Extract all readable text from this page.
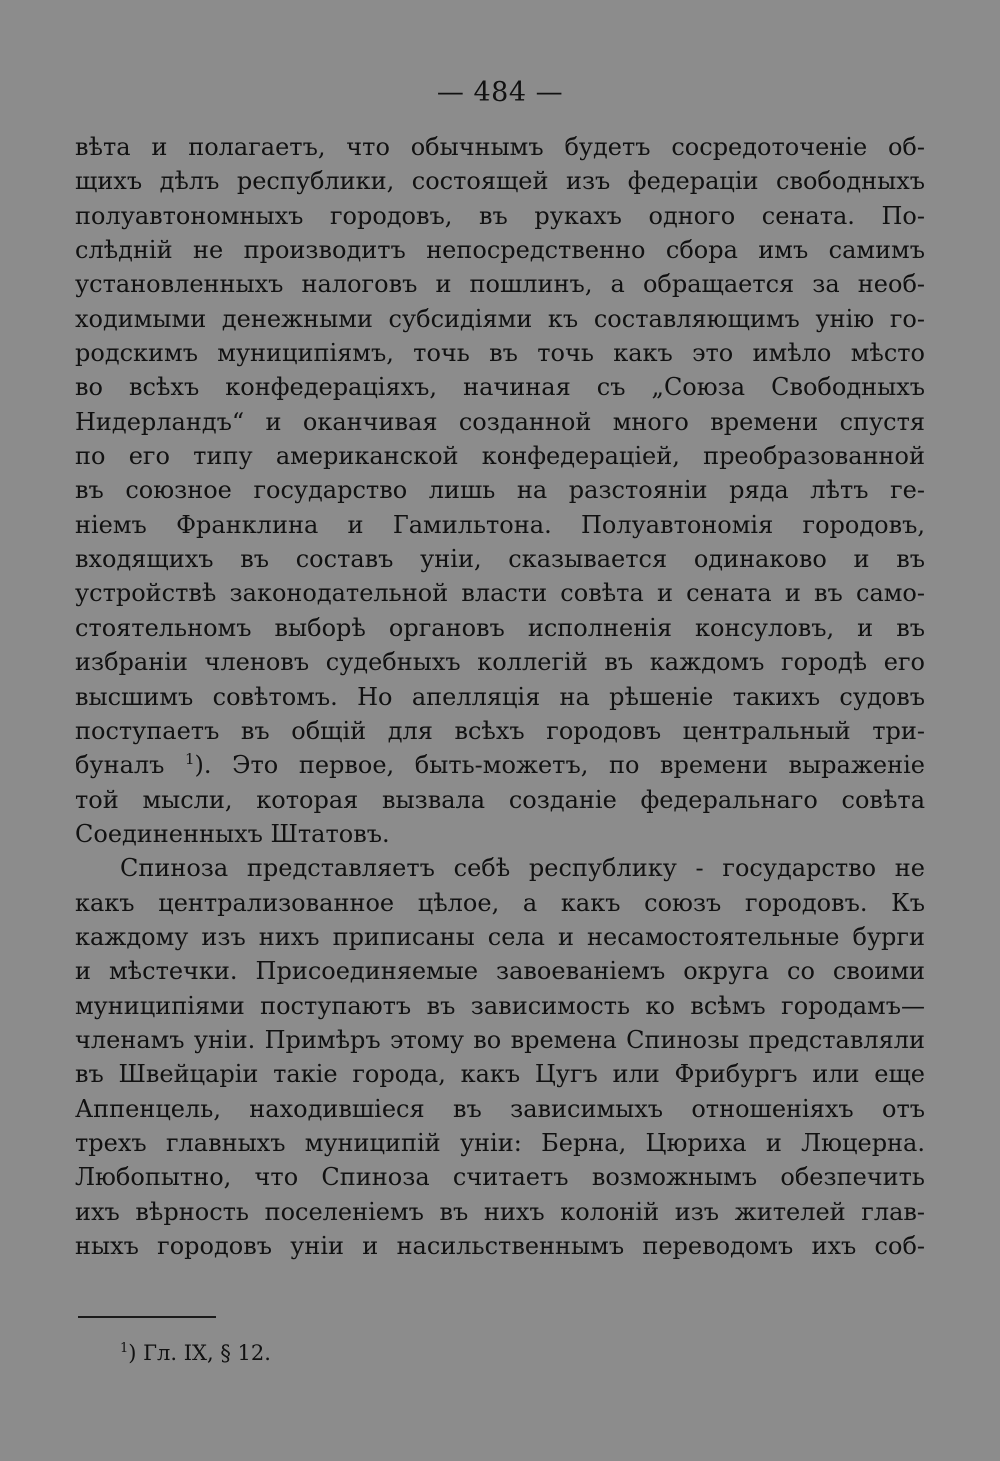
— 484 —
вѣта и полагаетъ, что обычнымъ будетъ сосредоточеніе об-
щихъ дѣлъ республики, состоящей изъ федераціи свободныхъ
полуавтономныхъ городовъ, въ рукахъ одного сената. По-
слѣдній не производитъ непосредственно сбора имъ самимъ
установленныхъ налоговъ и пошлинъ, а обращается за необ-
ходимыми денежными субсидіями къ составляющимъ унію го-
родскимъ муниципіямъ, точь въ точь какъ это имѣло мѣсто
во всѣхъ конфедераціяхъ, начиная съ „Союза Свободныхъ
Нидерландъ“ и оканчивая созданной много времени спустя
по его типу американской конфедераціей, преобразованной
въ союзное государство лишь на разстояніи ряда лѣтъ ге-
ніемъ Франклина и Гамильтона. Полуавтономія городовъ,
входящихъ въ составъ уніи, сказывается одинаково и въ
устройствѣ законодательной власти совѣта и сената и въ само-
стоятельномъ выборѣ органовъ исполненія консуловъ, и въ
избраніи членовъ судебныхъ коллегій въ каждомъ городѣ его
высшимъ совѣтомъ. Но апелляція на рѣшеніе такихъ судовъ
поступаетъ въ общій для всѣхъ городовъ центральный три-
буналъ $^1$). Это первое, быть-можетъ, по времени выраженіе
той мысли, которая вызвала созданіе федеральнаго совѣта
Соединенныхъ Штатовъ.
Спиноза представляетъ себѣ республику - государство не
какъ централизованное цѣлое, а какъ союзъ городовъ. Къ
каждому изъ нихъ приписаны села и несамостоятельные бурги
и мѣстечки. Присоединяемые завоеваніемъ округа со своими
муниципіями поступаютъ въ зависимость ко всѣмъ городамъ—
членамъ уніи. Примѣръ этому во времена Спинозы представляли
въ Швейцаріи такіе города, какъ Цугъ или Фрибургъ или еще
Аппенцель, находившіеся въ зависимыхъ отношеніяхъ отъ
трехъ главныхъ муниципій уніи: Берна, Цюриха и Люцерна.
Любопытно, что Спиноза считаетъ возможнымъ обезпечить
ихъ вѣрность поселеніемъ въ нихъ колоній изъ жителей глав-
ныхъ городовъ уніи и насильственнымъ переводомъ ихъ соб-
$^1$) Гл. IX, § 12.
